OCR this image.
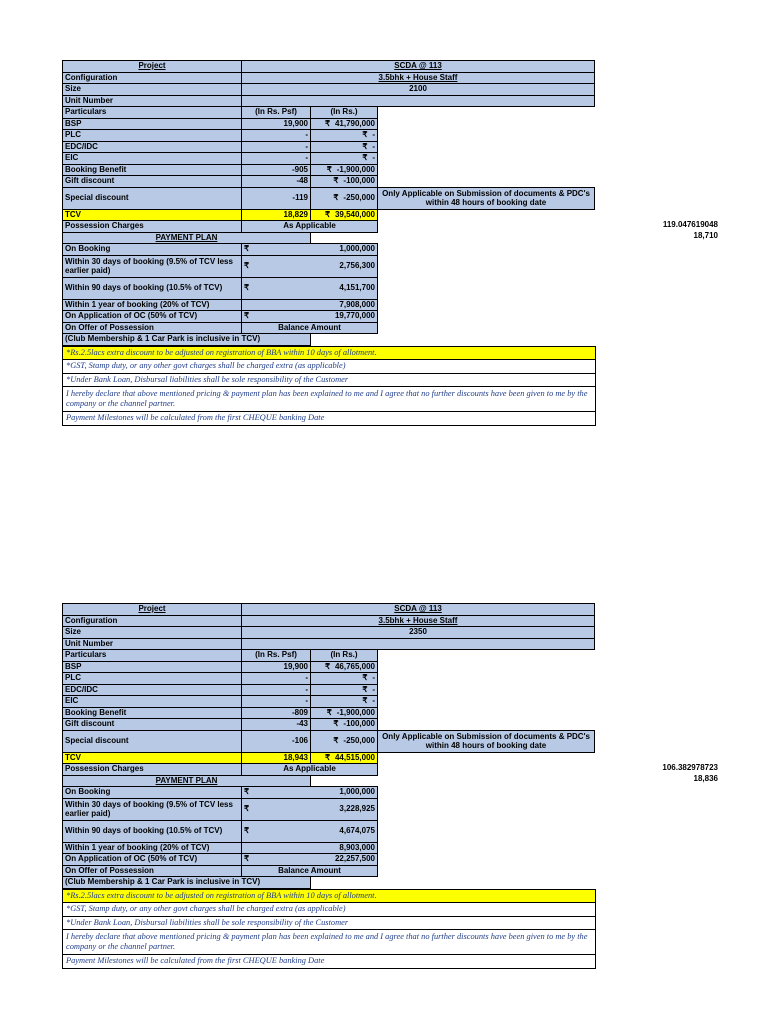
Project	SCDA @ 113		
Configuration	3.5bhk + House Staff		
Size	2100		
Unit Number			
Particulars	(In Rs. Psf)	(In Rs.)	
BSP	19,900	₹ 41,790,000	
PLC	-	₹ -	
EDC/IDC	-	₹ -	
EIC	-	₹ -	
Booking Benefit	-905	₹ -1,900,000	
Gift discount	-48	₹ -100,000	
Special discount	-119	₹ -250,000	Only Applicable on Submission of documents & PDC's within 48 hours of booking date
TCV	18,829	₹ 39,540,000	
Possession Charges	As Applicable		
PAYMENT PLAN			
On Booking	₹ 1,000,000		

Within 30 days of booking (9.5% of TCV less earlier paid)	₹ 2,756,300		

Within 90 days of booking (10.5% of TCV)	₹ 4,151,700		

Within 1 year of booking (20% of TCV)	7,908,000		
On Application of OC (50% of TCV)	₹ 19,770,000		

On Offer of Possession	Balance Amount		
(Club Membership & 1 Car Park is inclusive in TCV)			
*Rs.2.5lacs extra discount to be adjusted on registration of BBA within 10 days of allotment.
*GST, Stamp duty, or any other govt charges shall be charged extra (as applicable)
*Under Bank Loan, Disbursal liabilities shall be sole responsibility of the Customer
I hereby declare that above mentioned pricing & payment plan has been explained to me and I agree that no further discounts have been given to me by the company or the channel partner.
Payment Milestones will be calculated from the first CHEQUE banking Date
Project	SCDA @ 113		
Configuration	3.5bhk + House Staff		
Size	2350		
Unit Number			
Particulars	(In Rs. Psf)	(In Rs.)	
BSP	19,900	₹ 46,765,000	
PLC	-	₹ -	
EDC/IDC	-	₹ -	
EIC	-	₹ -	
Booking Benefit	-809	₹ -1,900,000	
Gift discount	-43	₹ -100,000	
Special discount	-106	₹ -250,000	Only Applicable on Submission of documents & PDC's within 48 hours of booking date
TCV	18,943	₹ 44,515,000	
Possession Charges	As Applicable		
PAYMENT PLAN			
On Booking	₹ 1,000,000		

Within 30 days of booking (9.5% of TCV less earlier paid)	₹ 3,228,925		

Within 90 days of booking (10.5% of TCV)	₹ 4,674,075		

Within 1 year of booking (20% of TCV)	8,903,000		
On Application of OC (50% of TCV)	₹ 22,257,500		

On Offer of Possession	Balance Amount		
(Club Membership & 1 Car Park is inclusive in TCV)			
*Rs.2.5lacs extra discount to be adjusted on registration of BBA within 10 days of allotment.
*GST, Stamp duty, or any other govt charges shall be charged extra (as applicable)
*Under Bank Loan, Disbursal liabilities shall be sole responsibility of the Customer
I hereby declare that above mentioned pricing & payment plan has been explained to me and I agree that no further discounts have been given to me by the company or the channel partner.
Payment Milestones will be calculated from the first CHEQUE banking Date
119.047619048
18,710
106.382978723
18,836
